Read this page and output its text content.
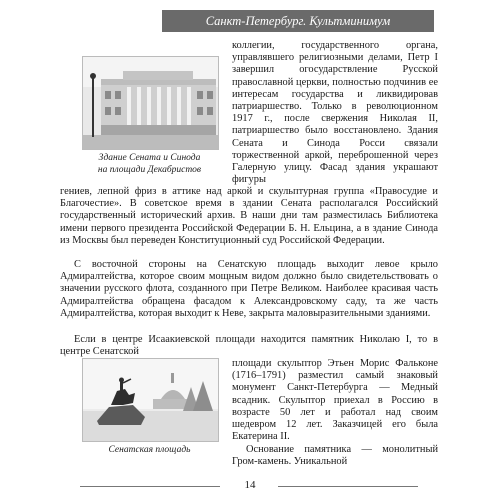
Санкт-Петербург. Культминимум
Здание Сената и Синода
на площади Декабристов

коллегии, государственного органа, управлявшего религиозными делами, Петр I завершил огосударствление Русской православной церкви, полностью подчинив ее интересам государства и ликвидировав патриаршество. Только в революционном 1917 г., после свержения Николая II, патриаршество было восстановлено. Здания Сената и Синода Росси связали торжественной аркой, переброшенной через Галерную улицу. Фасад здания украшают фигуры

гениев, лепной фриз в аттике над аркой и скульптурная группа «Правосудие и Благочестие». В советское время в здании Сената располагался Российский государственный исторический архив. В наши дни там разместилась Библиотека имени первого президента Российской Федерации Б. Н. Ельцина, а в здание Синода из Москвы был переведен Конституционный суд Российской Федерации.

С восточной стороны на Сенатскую площадь выходит левое крыло Адмиралтейства, которое своим мощным видом должно было свидетельствовать о значении русского флота, созданного при Петре Великом. Наиболее красивая часть Адмиралтейства обращена фасадом к Александровскому саду, та же часть Адмиралтейства, которая выходит к Неве, закрыта маловыразительными зданиями.

Если в центре Исаакиевской площади находится памятник Николаю I, то в центре Сенатской

Сенатская площадь

площади скульптор Этьен Морис Фальконе (1716–1791) разместил самый знаковый монумент Санкт-Петербурга — Медный всадник. Скульптор приехал в Россию в возрасте 50 лет и работал над своим шедевром 12 лет. Заказчицей его была Екатерина II.

Основание памятника — монолитный Гром-камень. Уникальной

14
